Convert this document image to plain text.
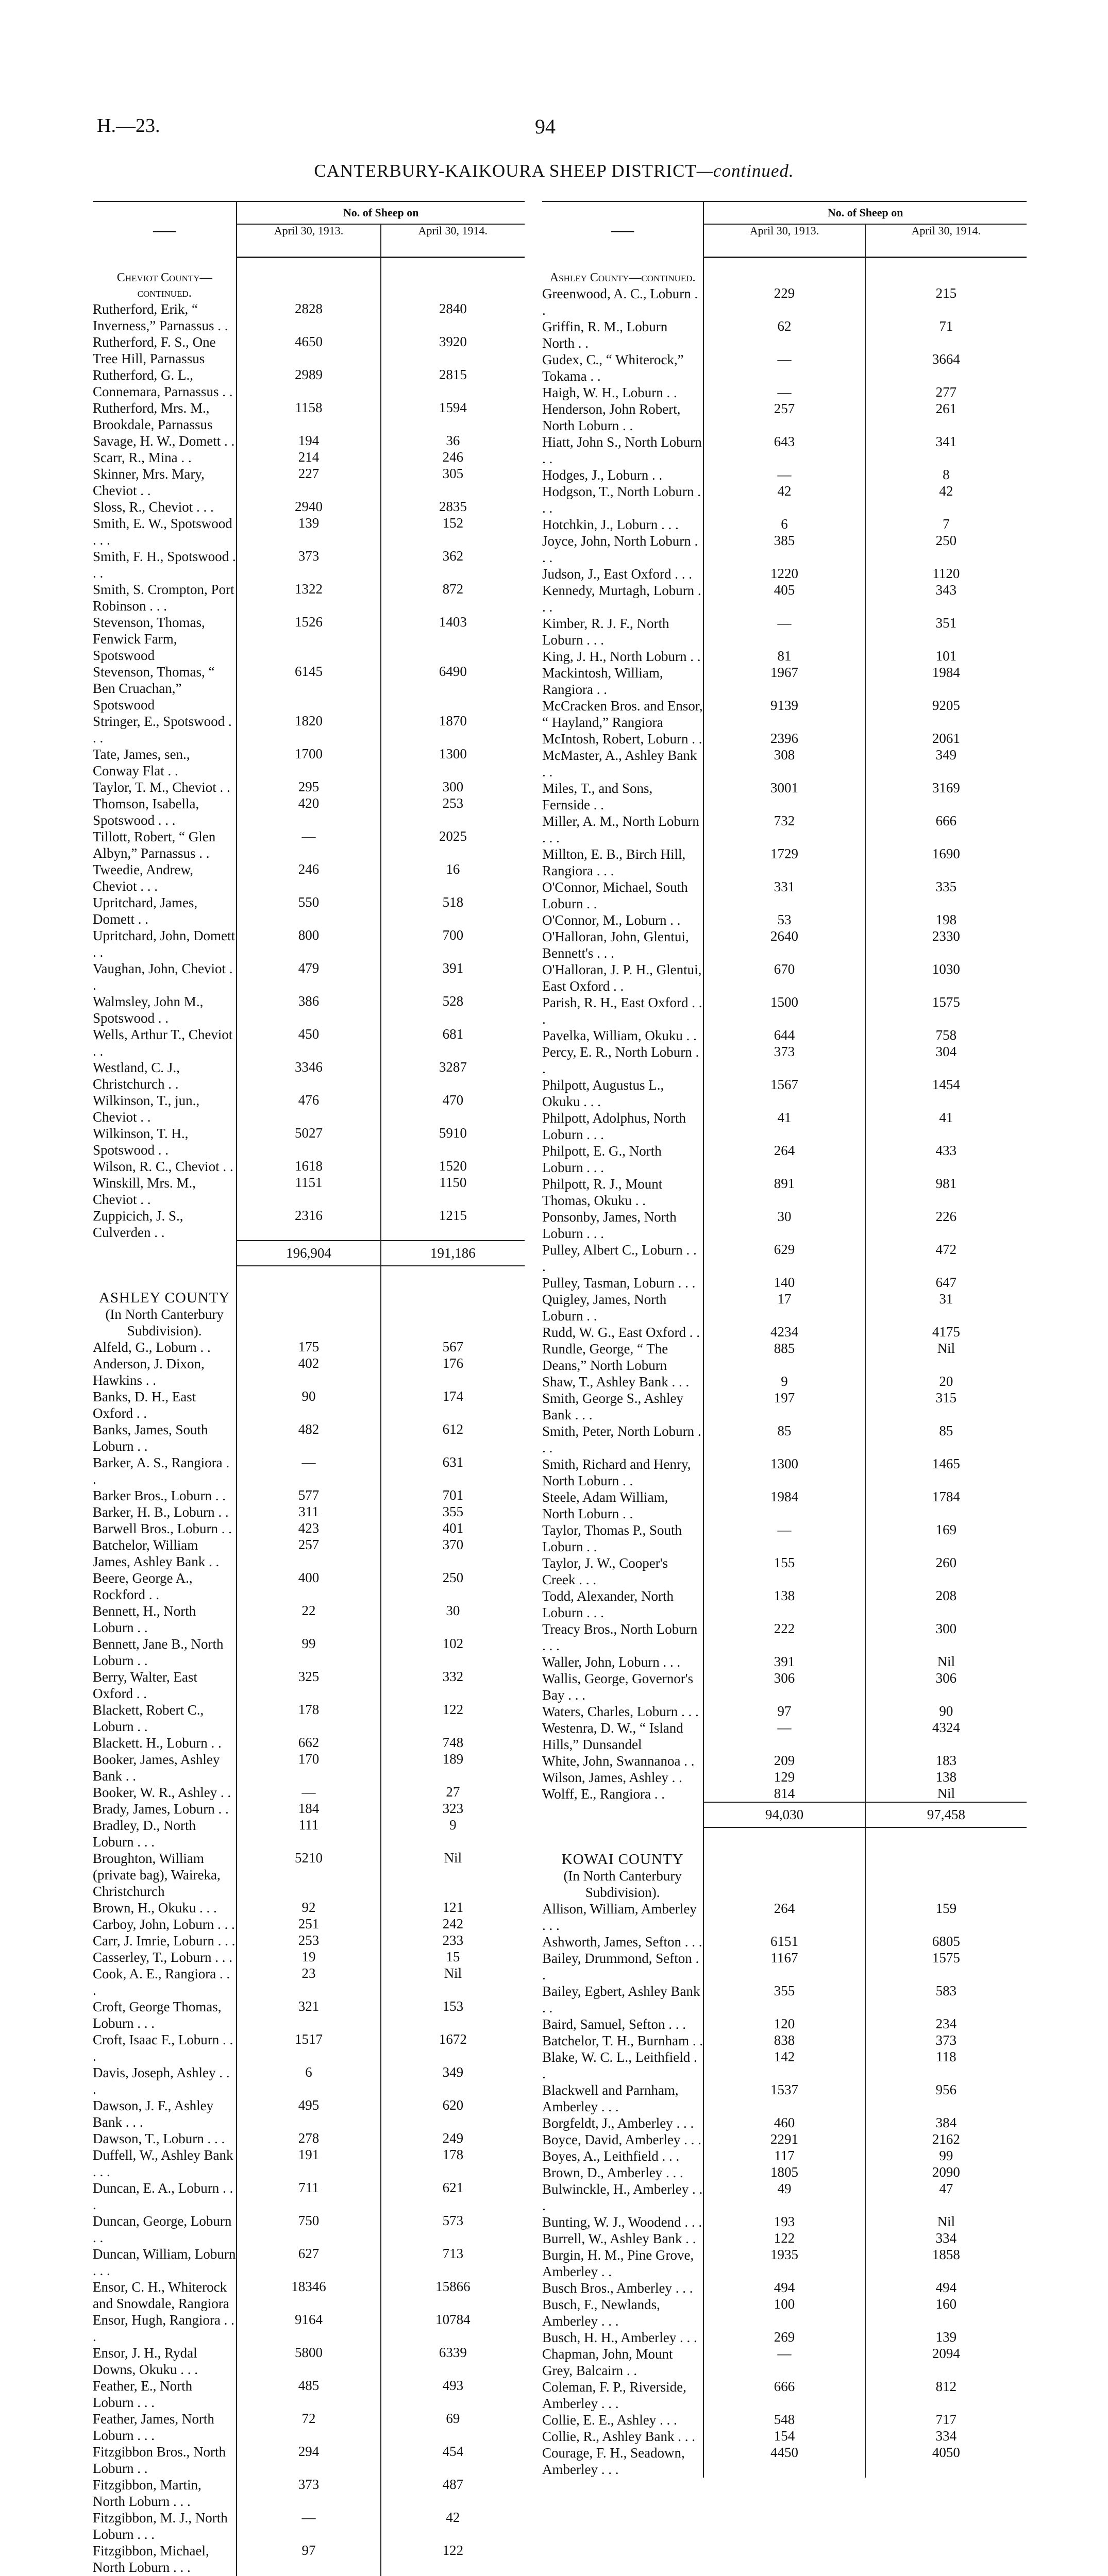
H.—23.	94
CANTERBURY-KAIKOURA SHEEP DISTRICT—continued.
—	No. of Sheep on	
	April 30, 1913.	April 30, 1914.
Cheviot County—continued.		
Rutherford, Erik, “ Inverness,” Parnassus . .	2828	2840
Rutherford, F. S., One Tree Hill, Parnassus	4650	3920
Rutherford, G. L., Connemara, Parnassus . .	2989	2815
Rutherford, Mrs. M., Brookdale, Parnassus	1158	1594
Savage, H. W., Domett . .	194	36
Scarr, R., Mina . .	214	246
Skinner, Mrs. Mary, Cheviot . .	227	305
Sloss, R., Cheviot . . .	2940	2835
Smith, E. W., Spotswood . . .	139	152
Smith, F. H., Spotswood . . .	373	362
Smith, S. Crompton, Port Robinson . . .	1322	872
Stevenson, Thomas, Fenwick Farm, Spotswood	1526	1403
Stevenson, Thomas, “ Ben Cruachan,” Spotswood	6145	6490
Stringer, E., Spotswood . . .	1820	1870
Tate, James, sen., Conway Flat . .	1700	1300
Taylor, T. M., Cheviot . .	295	300
Thomson, Isabella, Spotswood . . .	420	253
Tillott, Robert, “ Glen Albyn,” Parnassus . .	—	2025
Tweedie, Andrew, Cheviot . . .	246	16
Upritchard, James, Domett . .	550	518
Upritchard, John, Domett . .	800	700
Vaughan, John, Cheviot . .	479	391
Walmsley, John M., Spotswood . .	386	528
Wells, Arthur T., Cheviot . .	450	681
Westland, C. J., Christchurch . .	3346	3287
Wilkinson, T., jun., Cheviot . .	476	470
Wilkinson, T. H., Spotswood . .	5027	5910
Wilson, R. C., Cheviot . .	1618	1520
Winskill, Mrs. M., Cheviot . .	1151	1150
Zuppicich, J. S., Culverden . .	2316	1215
	196,904	191,186
ASHLEY COUNTY		
(In North Canterbury Subdivision).		
Alfeld, G., Loburn . .	175	567
Anderson, J. Dixon, Hawkins . .	402	176
Banks, D. H., East Oxford . .	90	174
Banks, James, South Loburn . .	482	612
Barker, A. S., Rangiora . .	—	631
Barker Bros., Loburn . .	577	701
Barker, H. B., Loburn . .	311	355
Barwell Bros., Loburn . .	423	401
Batchelor, William James, Ashley Bank . .	257	370
Beere, George A., Rockford . .	400	250
Bennett, H., North Loburn . .	22	30
Bennett, Jane B., North Loburn . .	99	102
Berry, Walter, East Oxford . .	325	332
Blackett, Robert C., Loburn . .	178	122
Blackett. H., Loburn . .	662	748
Booker, James, Ashley Bank . .	170	189
Booker, W. R., Ashley . .	—	27
Brady, James, Loburn . .	184	323
Bradley, D., North Loburn . . .	111	9
Broughton, William (private bag), Waireka, Christchurch	5210	Nil
Brown, H., Okuku . . .	92	121
Carboy, John, Loburn . . .	251	242
Carr, J. Imrie, Loburn . . .	253	233
Casserley, T., Loburn . . .	19	15
Cook, A. E., Rangiora . . .	23	Nil
Croft, George Thomas, Loburn . . .	321	153
Croft, Isaac F., Loburn . . .	1517	1672
Davis, Joseph, Ashley . . .	6	349
Dawson, J. F., Ashley Bank . . .	495	620
Dawson, T., Loburn . . .	278	249
Duffell, W., Ashley Bank . . .	191	178
Duncan, E. A., Loburn . . .	711	621
Duncan, George, Loburn . .	750	573
Duncan, William, Loburn . . .	627	713
Ensor, C. H., Whiterock and Snowdale, Rangiora	18346	15866
Ensor, Hugh, Rangiora . . .	9164	10784
Ensor, J. H., Rydal Downs, Okuku . . .	5800	6339
Feather, E., North Loburn . . .	485	493
Feather, James, North Loburn . . .	72	69
Fitzgibbon Bros., North Loburn . .	294	454
Fitzgibbon, Martin, North Loburn . . .	373	487
Fitzgibbon, M. J., North Loburn . . .	—	42
Fitzgibbon, Michael, North Loburn . . .	97	122

—	No. of Sheep on	
	April 30, 1913.	April 30, 1914.
Ashley County—continued.		
Greenwood, A. C., Loburn . .	229	215
Griffin, R. M., Loburn North . .	62	71
Gudex, C., “ Whiterock,” Tokama . .	—	3664
Haigh, W. H., Loburn . .	—	277
Henderson, John Robert, North Loburn . .	257	261
Hiatt, John S., North Loburn . .	643	341
Hodges, J., Loburn . .	—	8
Hodgson, T., North Loburn . . .	42	42
Hotchkin, J., Loburn . . .	6	7
Joyce, John, North Loburn . . .	385	250
Judson, J., East Oxford . . .	1220	1120
Kennedy, Murtagh, Loburn . . .	405	343
Kimber, R. J. F., North Loburn . . .	—	351
King, J. H., North Loburn . .	81	101
Mackintosh, William, Rangiora . .	1967	1984
McCracken Bros. and Ensor, “ Hayland,” Rangiora	9139	9205
McIntosh, Robert, Loburn . .	2396	2061
McMaster, A., Ashley Bank . .	308	349
Miles, T., and Sons, Fernside . .	3001	3169
Miller, A. M., North Loburn . . .	732	666
Millton, E. B., Birch Hill, Rangiora . . .	1729	1690
O'Connor, Michael, South Loburn . .	331	335
O'Connor, M., Loburn . .	53	198
O'Halloran, John, Glentui, Bennett's . . .	2640	2330
O'Halloran, J. P. H., Glentui, East Oxford . .	670	1030
Parish, R. H., East Oxford . . .	1500	1575
Pavelka, William, Okuku . .	644	758
Percy, E. R., North Loburn . .	373	304
Philpott, Augustus L., Okuku . . .	1567	1454
Philpott, Adolphus, North Loburn . . .	41	41
Philpott, E. G., North Loburn . . .	264	433
Philpott, R. J., Mount Thomas, Okuku . .	891	981
Ponsonby, James, North Loburn . . .	30	226
Pulley, Albert C., Loburn . . .	629	472
Pulley, Tasman, Loburn . . .	140	647
Quigley, James, North Loburn . .	17	31
Rudd, W. G., East Oxford . .	4234	4175
Rundle, George, “ The Deans,” North Loburn	885	Nil
Shaw, T., Ashley Bank . . .	9	20
Smith, George S., Ashley Bank . . .	197	315
Smith, Peter, North Loburn . . .	85	85
Smith, Richard and Henry, North Loburn . .	1300	1465
Steele, Adam William, North Loburn . .	1984	1784
Taylor, Thomas P., South Loburn . .	—	169
Taylor, J. W., Cooper's Creek . . .	155	260
Todd, Alexander, North Loburn . . .	138	208
Treacy Bros., North Loburn . . .	222	300
Waller, John, Loburn . . .	391	Nil
Wallis, George, Governor's Bay . . .	306	306
Waters, Charles, Loburn . . .	97	90
Westenra, D. W., “ Island Hills,” Dunsandel	—	4324
White, John, Swannanoa . .	209	183
Wilson, James, Ashley . .	129	138
Wolff, E., Rangiora . .	814	Nil
	94,030	97,458
KOWAI COUNTY		
(In North Canterbury Subdivision).		
Allison, William, Amberley . . .	264	159
Ashworth, James, Sefton . . .	6151	6805
Bailey, Drummond, Sefton . .	1167	1575
Bailey, Egbert, Ashley Bank . .	355	583
Baird, Samuel, Sefton . . .	120	234
Batchelor, T. H., Burnham . .	838	373
Blake, W. C. L., Leithfield . .	142	118
Blackwell and Parnham, Amberley . . .	1537	956
Borgfeldt, J., Amberley . . .	460	384
Boyce, David, Amberley . . .	2291	2162
Boyes, A., Leithfield . . .	117	99
Brown, D., Amberley . . .	1805	2090
Bulwinckle, H., Amberley . . .	49	47
Bunting, W. J., Woodend . . .	193	Nil
Burrell, W., Ashley Bank . .	122	334
Burgin, H. M., Pine Grove, Amberley . .	1935	1858
Busch Bros., Amberley . . .	494	494
Busch, F., Newlands, Amberley . . .	100	160
Busch, H. H., Amberley . . .	269	139
Chapman, John, Mount Grey, Balcairn . .	—	2094
Coleman, F. P., Riverside, Amberley . . .	666	812
Collie, E. E., Ashley . . .	548	717
Collie, R., Ashley Bank . . .	154	334
Courage, F. H., Seadown, Amberley . . .	4450	4050
